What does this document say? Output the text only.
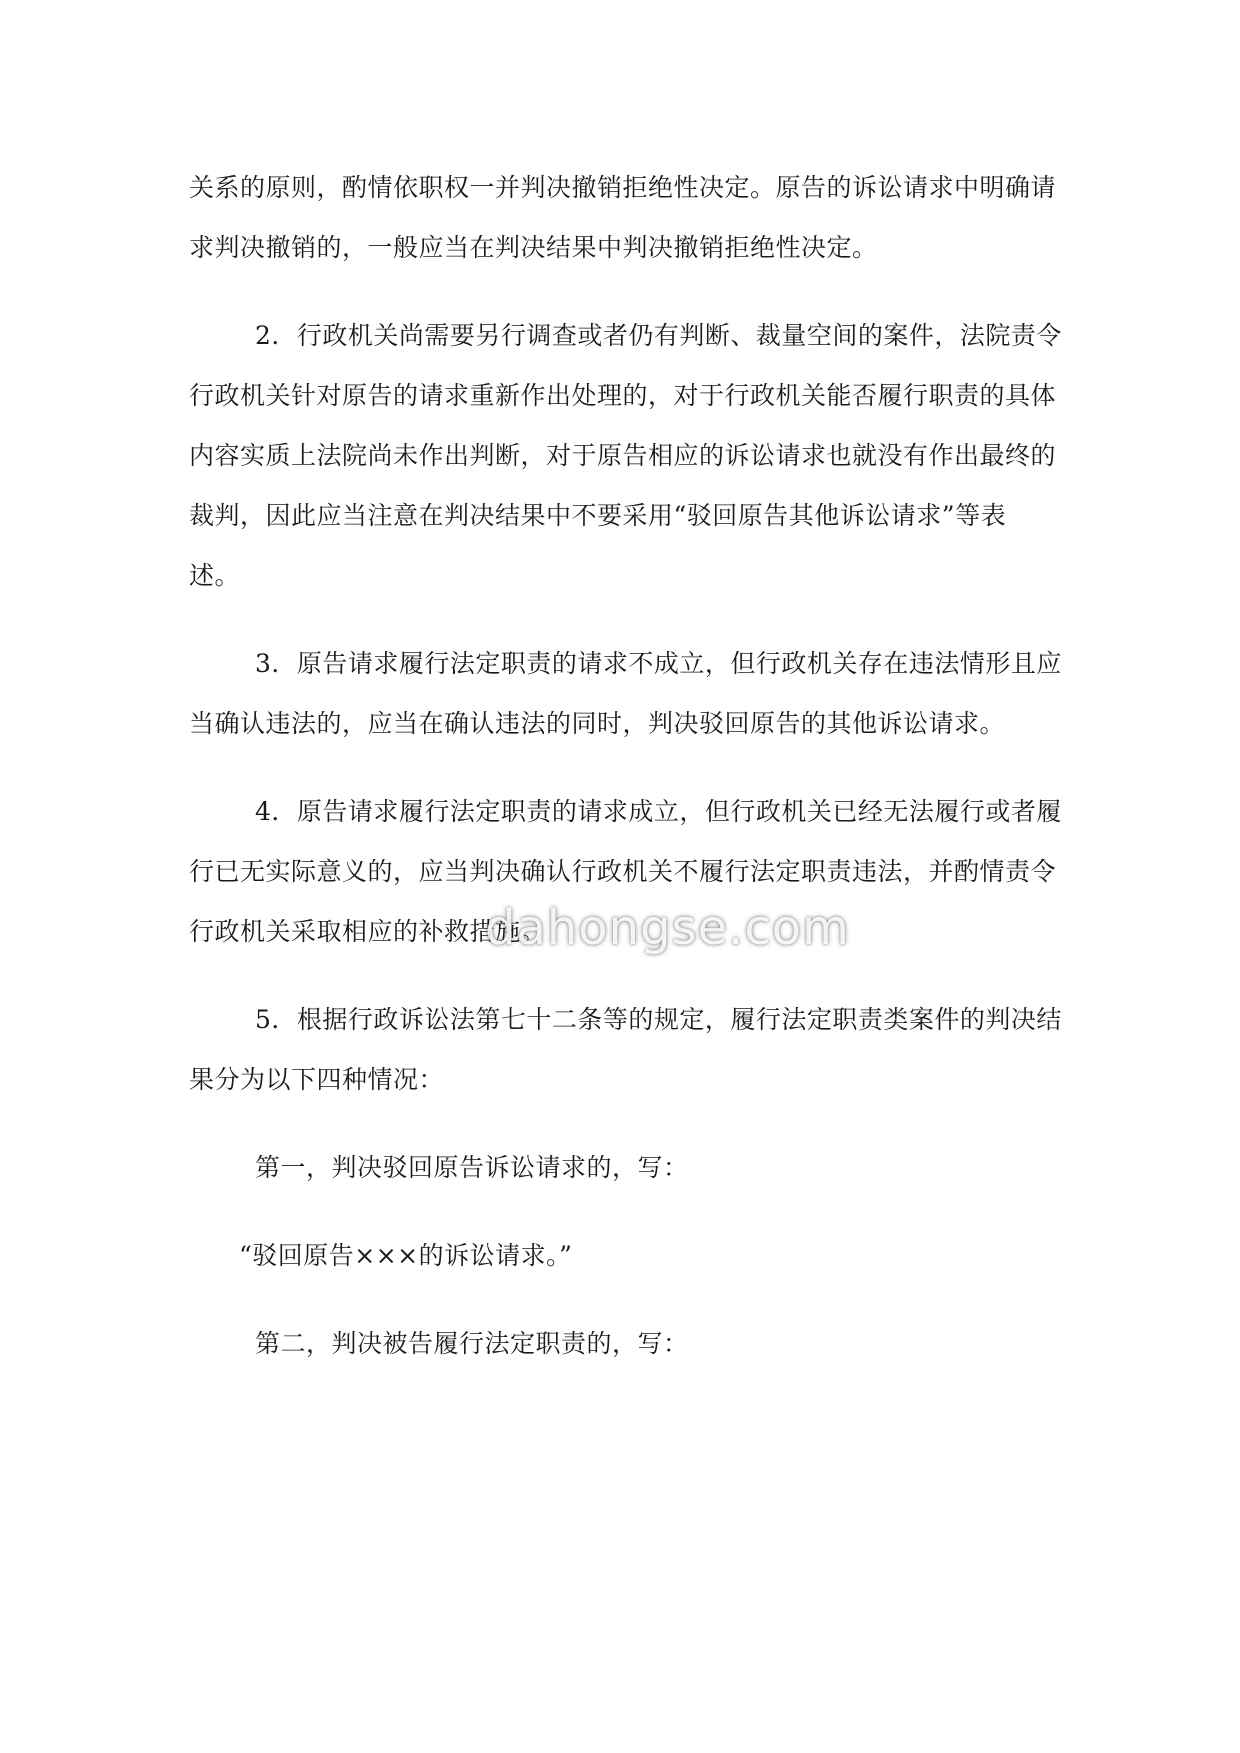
关系的原则，酌情依职权一并判决撤销拒绝性决定。原告的诉讼请求中明确请
求判决撤销的，一般应当在判决结果中判决撤销拒绝性决定。

2．行政机关尚需要另行调查或者仍有判断、裁量空间的案件，法院责令
行政机关针对原告的请求重新作出处理的，对于行政机关能否履行职责的具体
内容实质上法院尚未作出判断，对于原告相应的诉讼请求也就没有作出最终的
裁判，因此应当注意在判决结果中不要采用“驳回原告其他诉讼请求”等表
述。

3．原告请求履行法定职责的请求不成立，但行政机关存在违法情形且应
当确认违法的，应当在确认违法的同时，判决驳回原告的其他诉讼请求。

4．原告请求履行法定职责的请求成立，但行政机关已经无法履行或者履
行已无实际意义的，应当判决确认行政机关不履行法定职责违法，并酌情责令
行政机关采取相应的补救措施。

5．根据行政诉讼法第七十二条等的规定，履行法定职责类案件的判决结
果分为以下四种情况：

第一，判决驳回原告诉讼请求的，写：

“驳回原告×××的诉讼请求。”

第二，判决被告履行法定职责的，写：

dahongse.com
